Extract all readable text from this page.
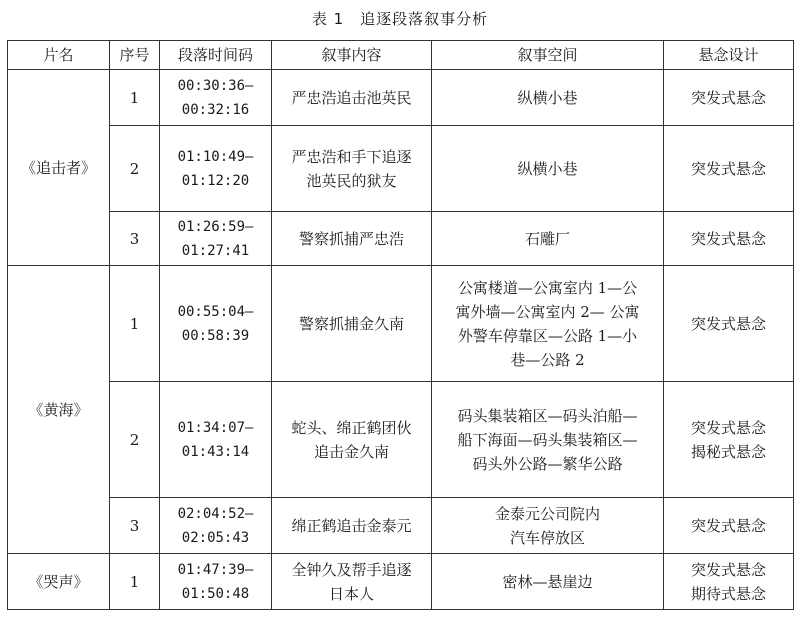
表 1　追逐段落叙事分析
片名	序号	段落时间码	叙事内容	叙事空间	悬念设计
《追击者》	1	00:30:36—
00:32:16	严忠浩追击池英民	纵横小巷	突发式悬念

	2	01:10:49—
01:12:20	严忠浩和手下追逐
池英民的狱友	纵横小巷	突发式悬念

	3	01:26:59—
01:27:41	警察抓捕严忠浩	石雕厂	突发式悬念

《黄海》	1	00:55:04—
00:58:39	警察抓捕金久南	公寓楼道—公寓室内 1—公
寓外墙—公寓室内 2— 公寓
外警车停靠区—公路 1—小
巷—公路 2	突发式悬念

	2	01:34:07—
01:43:14	蛇头、绵正鹤团伙
追击金久南	码头集装箱区—码头泊船—
船下海面—码头集装箱区—
码头外公路—繁华公路	突发式悬念
揭秘式悬念

	3	02:04:52—
02:05:43	绵正鹤追击金泰元	金泰元公司院内
汽车停放区	突发式悬念

《哭声》	1	01:47:39—
01:50:48	全钟久及帮手追逐
日本人	密林—悬崖边	突发式悬念
期待式悬念
